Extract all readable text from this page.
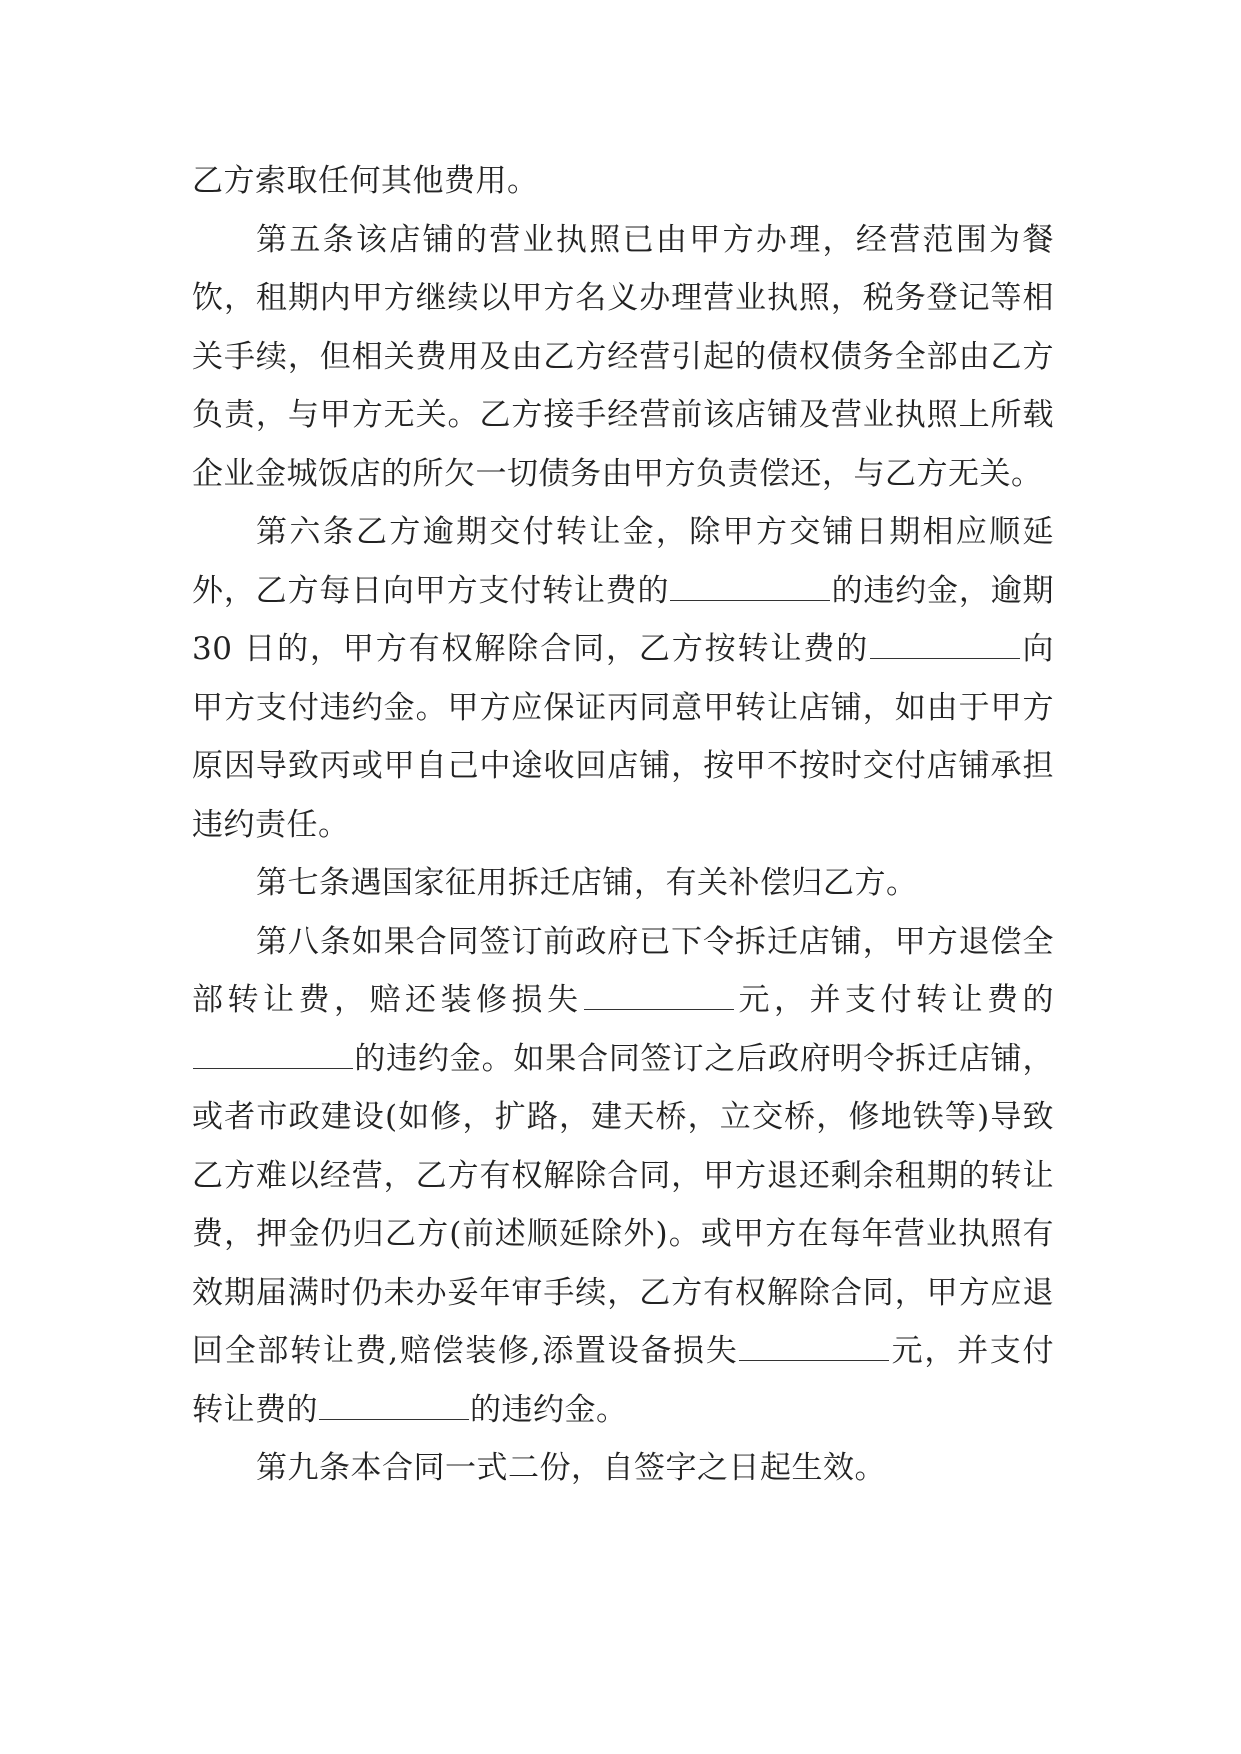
乙方索取任何其他费用。

第五条该店铺的营业执照已由甲方办理，经营范围为餐饮，租期内甲方继续以甲方名义办理营业执照，税务登记等相关手续，但相关费用及由乙方经营引起的债权债务全部由乙方负责，与甲方无关。乙方接手经营前该店铺及营业执照上所载企业金城饭店的所欠一切债务由甲方负责偿还，与乙方无关。

第六条乙方逾期交付转让金，除甲方交铺日期相应顺延外，乙方每日向甲方支付转让费的	的违约金，逾期 30 日的，甲方有权解除合同，乙方按转让费的	向甲方支付违约金。甲方应保证丙同意甲转让店铺，如由于甲方原因导致丙或甲自己中途收回店铺，按甲不按时交付店铺承担违约责任。

第七条遇国家征用拆迁店铺，有关补偿归乙方。

第八条如果合同签订前政府已下令拆迁店铺，甲方退偿全部转让费，赔还装修损失	元，并支付转让费的的违约金。如果合同签订之后政府明令拆迁店铺，或者市政建设(如修，扩路，建天桥，立交桥，修地铁等)导致乙方难以经营，乙方有权解除合同，甲方退还剩余租期的转让费，押金仍归乙方(前述顺延除外)。或甲方在每年营业执照有效期届满时仍未办妥年审手续，乙方有权解除合同，甲方应退回全部转让费,赔偿装修,添置设备损失	元，并支付转让费的	的违约金。

第九条本合同一式二份，自签字之日起生效。
